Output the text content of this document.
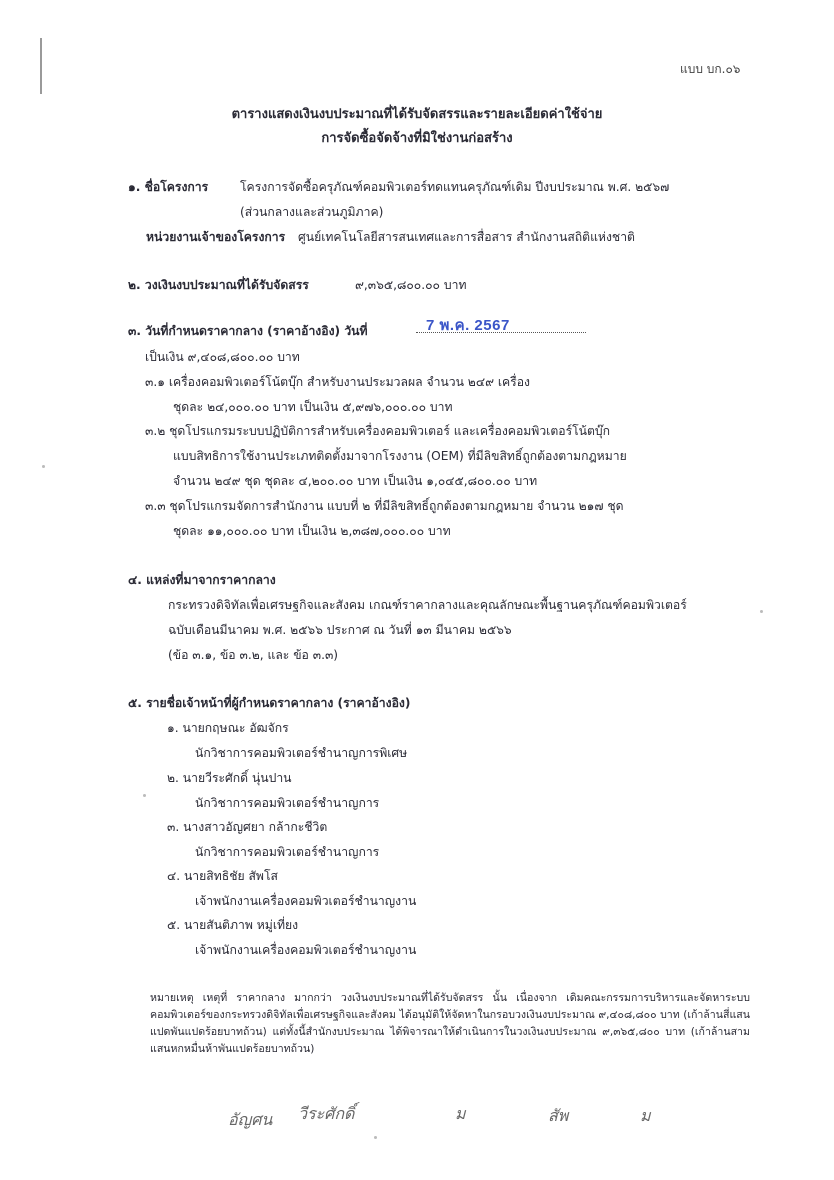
แบบ บก.๐๖
ตารางแสดงเงินงบประมาณที่ได้รับจัดสรรและรายละเอียดค่าใช้จ่าย
การจัดซื้อจัดจ้างที่มิใช่งานก่อสร้าง
๑. ชื่อโครงการ	โครงการจัดซื้อครุภัณฑ์คอมพิวเตอร์ทดแทนครุภัณฑ์เดิม ปีงบประมาณ พ.ศ. ๒๕๖๗
(ส่วนกลางและส่วนภูมิภาค)
หน่วยงานเจ้าของโครงการ ศูนย์เทคโนโลยีสารสนเทศและการสื่อสาร สำนักงานสถิติแห่งชาติ
๒. วงเงินงบประมาณที่ได้รับจัดสรร	๙,๓๖๕,๘๐๐.๐๐ บาท
๓. วันที่กำหนดราคากลาง (ราคาอ้างอิง) วันที่	7 พ.ค. 2567
เป็นเงิน ๙,๔๐๘,๘๐๐.๐๐ บาท
๓.๑ เครื่องคอมพิวเตอร์โน้ตบุ๊ก สำหรับงานประมวลผล จำนวน ๒๔๙ เครื่อง
ชุดละ ๒๔,๐๐๐.๐๐ บาท เป็นเงิน ๕,๙๗๖,๐๐๐.๐๐ บาท
๓.๒ ชุดโปรแกรมระบบปฏิบัติการสำหรับเครื่องคอมพิวเตอร์ และเครื่องคอมพิวเตอร์โน้ตบุ๊ก
แบบสิทธิการใช้งานประเภทติดตั้งมาจากโรงงาน (OEM) ที่มีลิขสิทธิ์ถูกต้องตามกฎหมาย
จำนวน ๒๔๙ ชุด ชุดละ ๔,๒๐๐.๐๐ บาท เป็นเงิน ๑,๐๔๕,๘๐๐.๐๐ บาท
๓.๓ ชุดโปรแกรมจัดการสำนักงาน แบบที่ ๒ ที่มีลิขสิทธิ์ถูกต้องตามกฎหมาย จำนวน ๒๑๗ ชุด
ชุดละ ๑๑,๐๐๐.๐๐ บาท เป็นเงิน ๒,๓๘๗,๐๐๐.๐๐ บาท
๔. แหล่งที่มาจากราคากลาง
กระทรวงดิจิทัลเพื่อเศรษฐกิจและสังคม เกณฑ์ราคากลางและคุณลักษณะพื้นฐานครุภัณฑ์คอมพิวเตอร์
ฉบับเดือนมีนาคม พ.ศ. ๒๕๖๖ ประกาศ ณ วันที่ ๑๓ มีนาคม ๒๕๖๖
(ข้อ ๓.๑, ข้อ ๓.๒, และ ข้อ ๓.๓)
๕. รายชื่อเจ้าหน้าที่ผู้กำหนดราคากลาง (ราคาอ้างอิง)
๑. นายกฤษณะ อัฒจักร
นักวิชาการคอมพิวเตอร์ชำนาญการพิเศษ
๒. นายวีระศักดิ์ นุ่นปาน
นักวิชาการคอมพิวเตอร์ชำนาญการ
๓. นางสาวอัญศยา กล้ากะชีวิต
นักวิชาการคอมพิวเตอร์ชำนาญการ
๔. นายสิทธิชัย สัพโส
เจ้าพนักงานเครื่องคอมพิวเตอร์ชำนาญงาน
๕. นายสันติภาพ หมู่เที่ยง
เจ้าพนักงานเครื่องคอมพิวเตอร์ชำนาญงาน
หมายเหตุ เหตุที่ ราคากลาง มากกว่า วงเงินงบประมาณที่ได้รับจัดสรร นั้น เนื่องจาก เดิมคณะกรรมการบริหารและจัดหาระบบคอมพิวเตอร์ของกระทรวงดิจิทัลเพื่อเศรษฐกิจและสังคม ได้อนุมัติให้จัดหาในกรอบวงเงินงบประมาณ ๙,๔๐๘,๘๐๐ บาท (เก้าล้านสี่แสนแปดพันแปดร้อยบาทถ้วน) แต่ทั้งนี้สำนักงบประมาณ ได้พิจารณาให้ดำเนินการในวงเงินงบประมาณ ๙,๓๖๕,๘๐๐ บาท (เก้าล้านสามแสนหกหมื่นห้าพันแปดร้อยบาทถ้วน)
อัญศน วีระศักดิ์	ม	สัพ	ม
